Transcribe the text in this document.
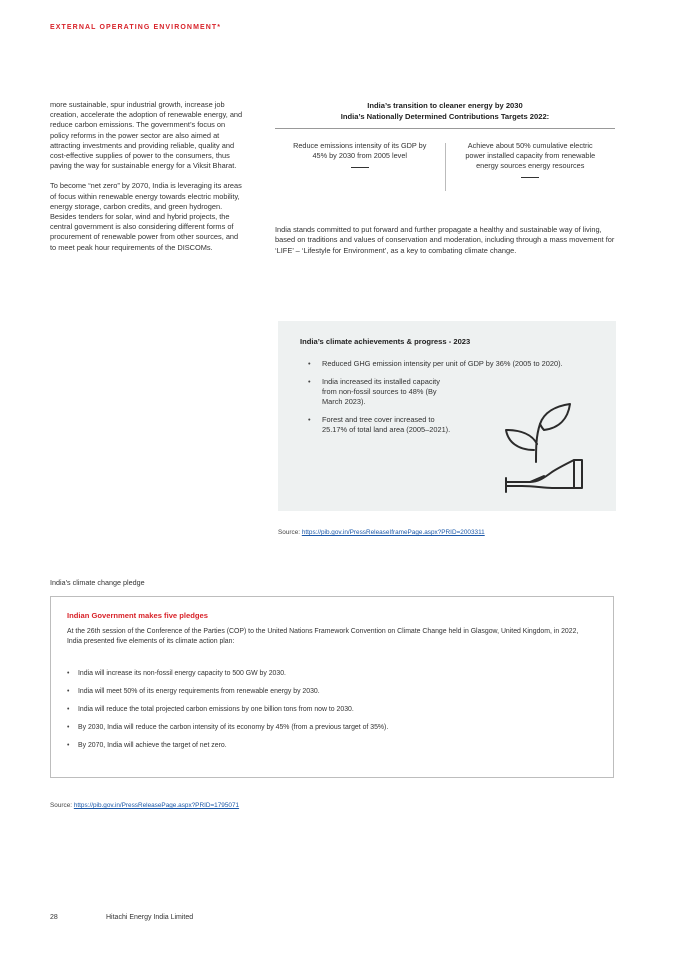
EXTERNAL OPERATING ENVIRONMENT*

more sustainable, spur industrial growth, increase job creation, accelerate the adoption of renewable energy, and reduce carbon emissions. The government’s focus on policy reforms in the power sector are also aimed at attracting investments and providing reliable, quality and cost-effective supplies of power to the consumers, thus paving the way for sustainable energy for a Viksit Bharat.

To become “net zero” by 2070, India is leveraging its areas of focus within renewable energy towards electric mobility, energy storage, carbon credits, and green hydrogen. Besides tenders for solar, wind and hybrid projects, the central government is also considering different forms of procurement of renewable power from other sources, and to meet peak hour requirements of the DISCOMs.

India’s transition to cleaner energy by 2030
India’s Nationally Determined Contributions Targets 2022:
Reduce emissions intensity of its GDP by 45% by 2030 from 2005 level
Achieve about 50% cumulative electric power installed capacity from renewable energy sources energy resources
India stands committed to put forward and further propagate a healthy and sustainable way of living, based on traditions and values of conservation and moderation, including through a mass movement for ‘LIFE’ – ‘Lifestyle for Environment’, as a key to combating climate change.
India’s climate achievements & progress - 2023
• Reduced GHG emission intensity per unit of GDP by 36% (2005 to 2020).
• India increased its installed capacity from non-fossil sources to 48% (By March 2023).
• Forest and tree cover increased to 25.17% of total land area (2005–2021).
Source: https://pib.gov.in/PressReleaseIframePage.aspx?PRID=2003311
India’s climate change pledge
Indian Government makes five pledges
At the 26th session of the Conference of the Parties (COP) to the United Nations Framework Convention on Climate Change held in Glasgow, United Kingdom, in 2022, India presented five elements of its climate action plan:
• India will increase its non-fossil energy capacity to 500 GW by 2030.
• India will meet 50% of its energy requirements from renewable energy by 2030.
• India will reduce the total projected carbon emissions by one billion tons from now to 2030.
• By 2030, India will reduce the carbon intensity of its economy by 45% (from a previous target of 35%).
• By 2070, India will achieve the target of net zero.
Source: https://pib.gov.in/PressReleasePage.aspx?PRID=1795071
28	Hitachi Energy India Limited
